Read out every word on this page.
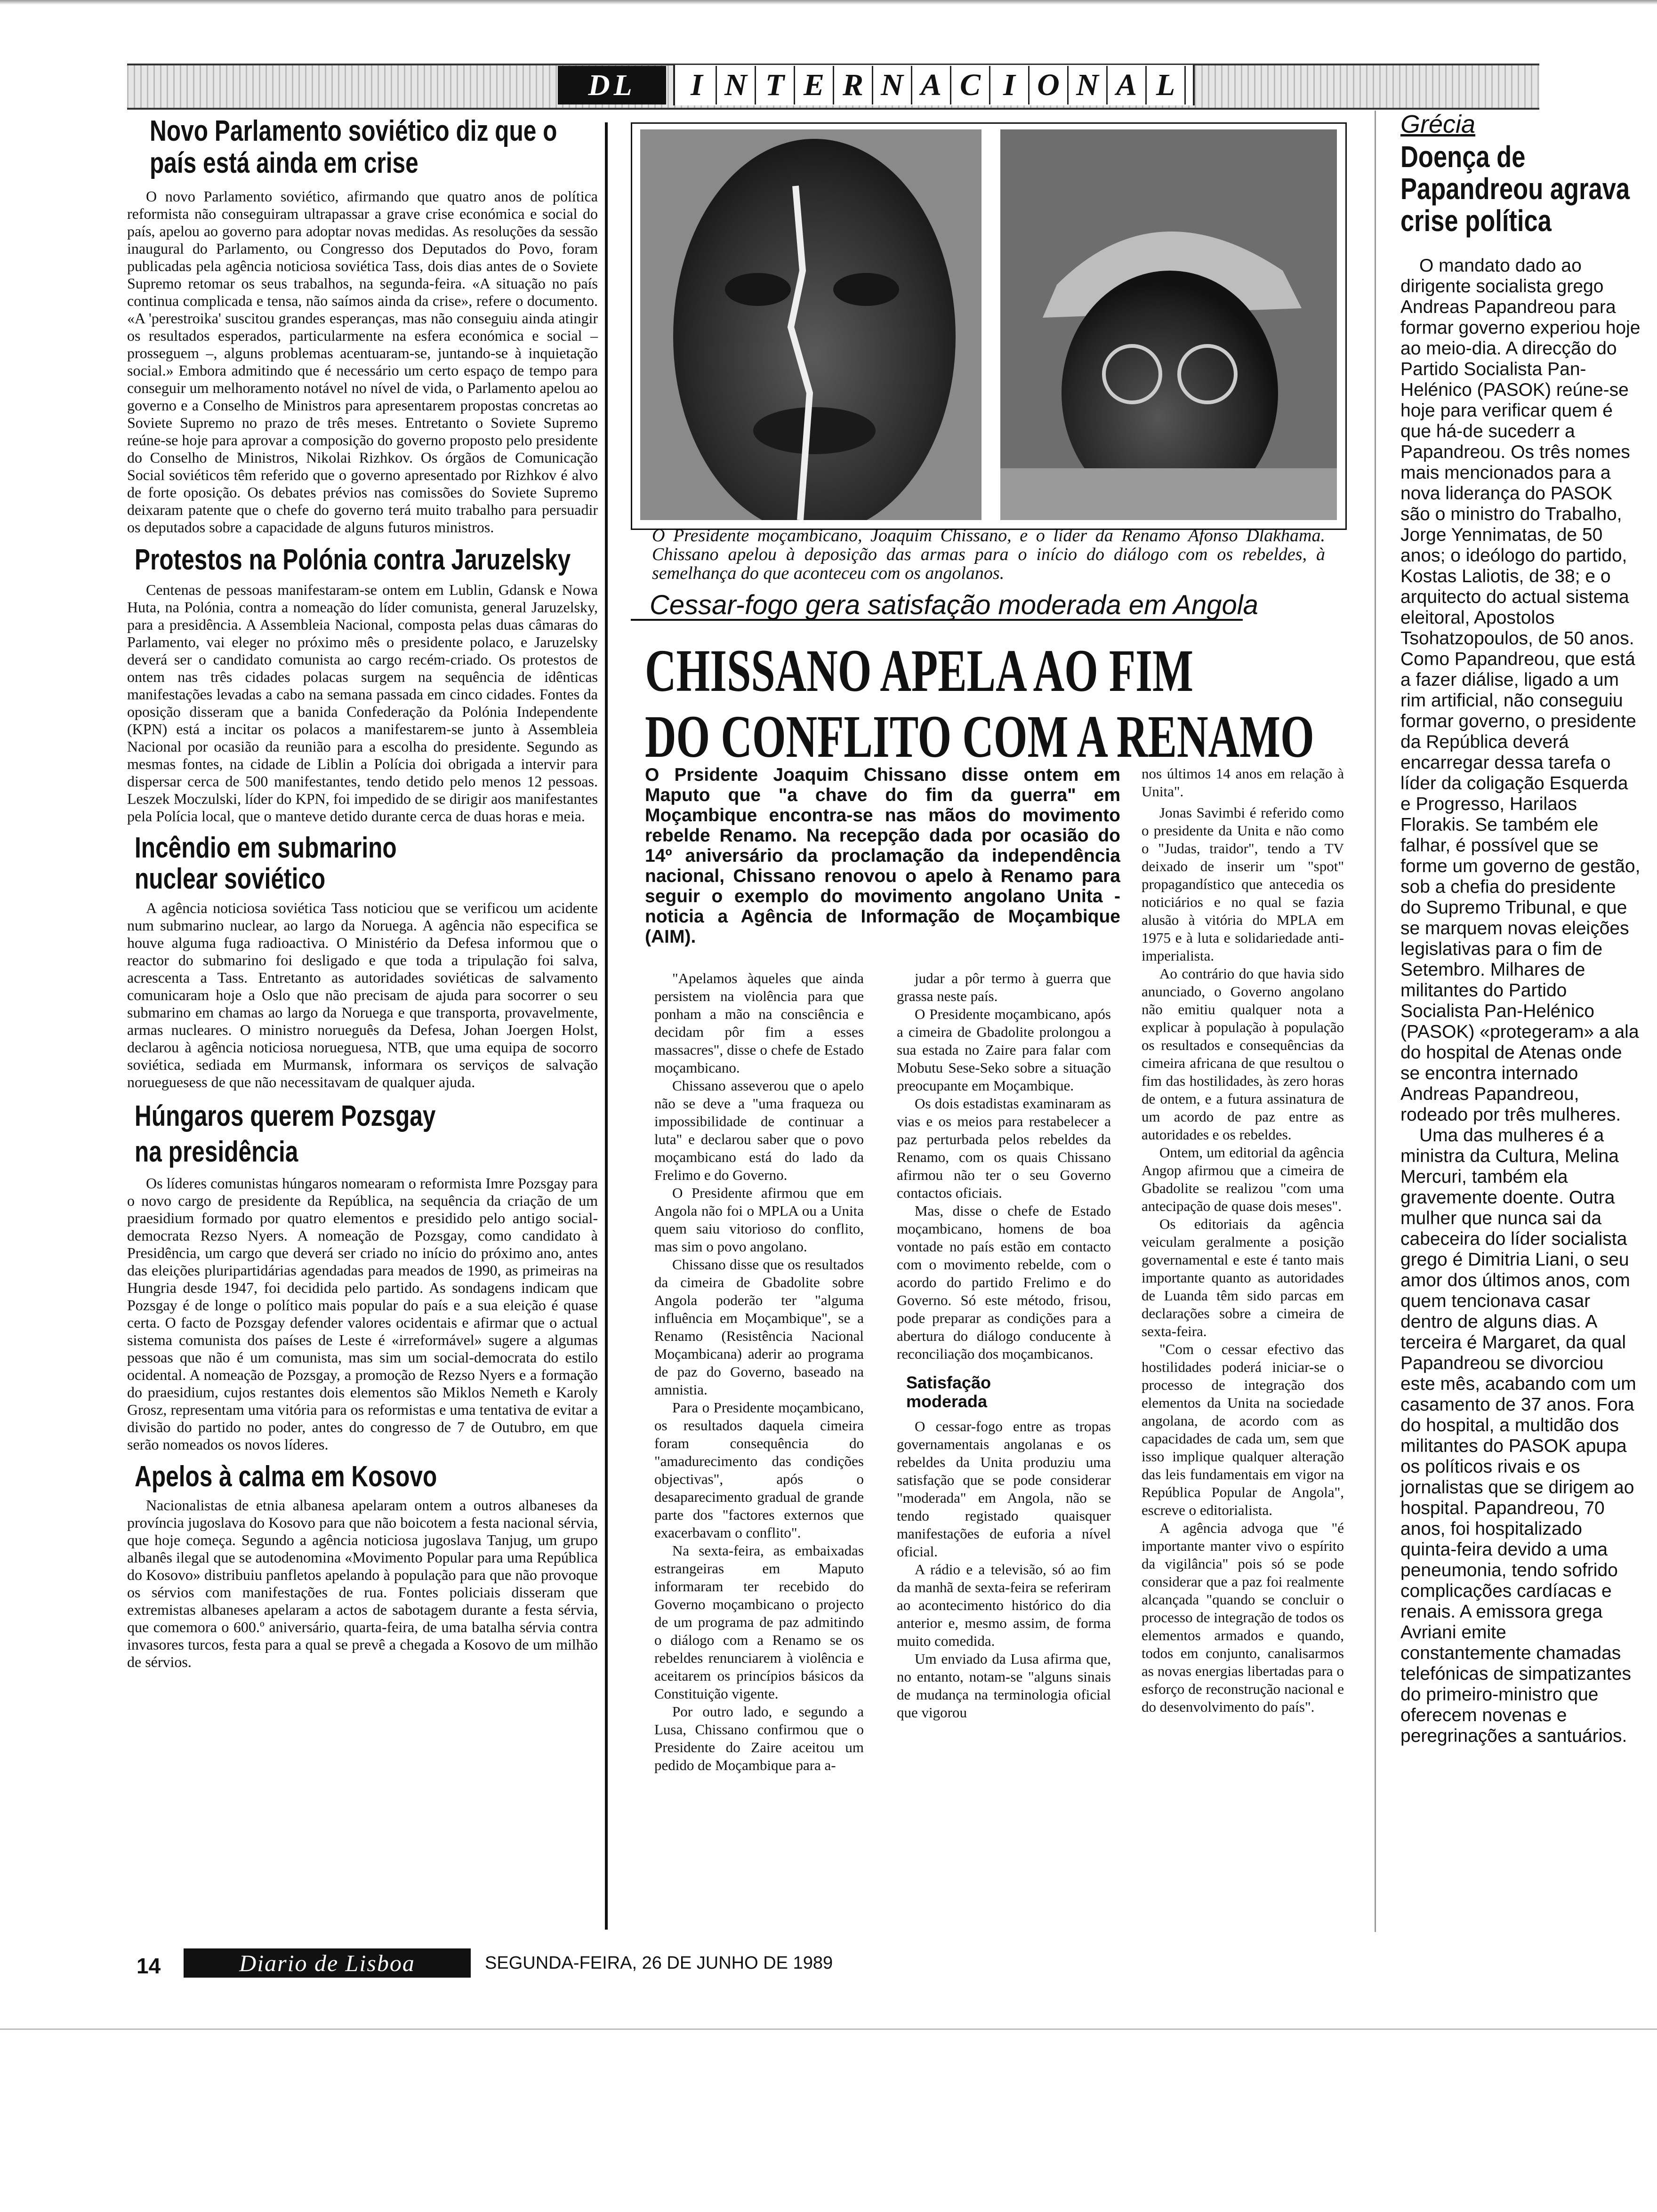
DL	I N T E R N A C I O N A L
Novo Parlamento soviético diz que o país está ainda em crise

O novo Parlamento soviético, afirmando que quatro anos de política reformista não conseguiram ultrapassar a grave crise económica e social do país, apelou ao governo para adoptar novas medidas. As resoluções da sessão inaugural do Parlamento, ou Congresso dos Deputados do Povo, foram publicadas pela agência noticiosa soviética Tass, dois dias antes de o Soviete Supremo retomar os seus trabalhos, na segunda-feira. «A situação no país continua complicada e tensa, não saímos ainda da crise», refere o documento. «A 'perestroika' suscitou grandes esperanças, mas não conseguiu ainda atingir os resultados esperados, particularmente na esfera económica e social – prosseguem –, alguns problemas acentuaram-se, juntando-se à inquietação social.» Embora admitindo que é necessário um certo espaço de tempo para conseguir um melhoramento notável no nível de vida, o Parlamento apelou ao governo e a Conselho de Ministros para apresentarem propostas concretas ao Soviete Supremo no prazo de três meses. Entretanto o Soviete Supremo reúne-se hoje para aprovar a composição do governo proposto pelo presidente do Conselho de Ministros, Nikolai Rizhkov. Os órgãos de Comunicação Social soviéticos têm referido que o governo apresentado por Rizhkov é alvo de forte oposição. Os debates prévios nas comissões do Soviete Supremo deixaram patente que o chefe do governo terá muito trabalho para persuadir os deputados sobre a capacidade de alguns futuros ministros.

Protestos na Polónia contra Jaruzelsky

Centenas de pessoas manifestaram-se ontem em Lublin, Gdansk e Nowa Huta, na Polónia, contra a nomeação do líder comunista, general Jaruzelsky, para a presidência. A Assembleia Nacional, composta pelas duas câmaras do Parlamento, vai eleger no próximo mês o presidente polaco, e Jaruzelsky deverá ser o candidato comunista ao cargo recém-criado. Os protestos de ontem nas três cidades polacas surgem na sequência de idênticas manifestações levadas a cabo na semana passada em cinco cidades. Fontes da oposição disseram que a banida Confederação da Polónia Independente (KPN) está a incitar os polacos a manifestarem-se junto à Assembleia Nacional por ocasião da reunião para a escolha do presidente. Segundo as mesmas fontes, na cidade de Liblin a Polícia doi obrigada a intervir para dispersar cerca de 500 manifestantes, tendo detido pelo menos 12 pessoas. Leszek Moczulski, líder do KPN, foi impedido de se dirigir aos manifestantes pela Polícia local, que o manteve detido durante cerca de duas horas e meia.

Incêndio em submarino nuclear soviético

A agência noticiosa soviética Tass noticiou que se verificou um acidente num submarino nuclear, ao largo da Noruega. A agência não especifica se houve alguma fuga radioactiva. O Ministério da Defesa informou que o reactor do submarino foi desligado e que toda a tripulação foi salva, acrescenta a Tass. Entretanto as autoridades soviéticas de salvamento comunicaram hoje a Oslo que não precisam de ajuda para socorrer o seu submarino em chamas ao largo da Noruega e que transporta, provavelmente, armas nucleares. O ministro norueguês da Defesa, Johan Joergen Holst, declarou à agência noticiosa norueguesa, NTB, que uma equipa de socorro soviética, sediada em Murmansk, informara os serviços de salvação norueguesess de que não necessitavam de qualquer ajuda.

Húngaros querem Pozsgay na presidência

Os líderes comunistas húngaros nomearam o reformista Imre Pozsgay para o novo cargo de presidente da República, na sequência da criação de um praesidium formado por quatro elementos e presidido pelo antigo social-democrata Rezso Nyers. A nomeação de Pozsgay, como candidato à Presidência, um cargo que deverá ser criado no início do próximo ano, antes das eleições pluripartidárias agendadas para meados de 1990, as primeiras na Hungria desde 1947, foi decidida pelo partido. As sondagens indicam que Pozsgay é de longe o político mais popular do país e a sua eleição é quase certa. O facto de Pozsgay defender valores ocidentais e afirmar que o actual sistema comunista dos países de Leste é «irreformável» sugere a algumas pessoas que não é um comunista, mas sim um social-democrata do estilo ocidental. A nomeação de Pozsgay, a promoção de Rezso Nyers e a formação do praesidium, cujos restantes dois elementos são Miklos Nemeth e Karoly Grosz, representam uma vitória para os reformistas e uma tentativa de evitar a divisão do partido no poder, antes do congresso de 7 de Outubro, em que serão nomeados os novos líderes.

Apelos à calma em Kosovo

Nacionalistas de etnia albanesa apelaram ontem a outros albaneses da província jugoslava do Kosovo para que não boicotem a festa nacional sérvia, que hoje começa. Segundo a agência noticiosa jugoslava Tanjug, um grupo albanês ilegal que se autodenomina «Movimento Popular para uma República do Kosovo» distribuiu panfletos apelando à população para que não provoque os sérvios com manifestações de rua. Fontes policiais disseram que extremistas albaneses apelaram a actos de sabotagem durante a festa sérvia, que comemora o 600.º aniversário, quarta-feira, de uma batalha sérvia contra invasores turcos, festa para a qual se prevê a chegada a Kosovo de um milhão de sérvios.

O Presidente moçambicano, Joaquim Chissano, e o líder da Renamo Afonso Dlakhama. Chissano apelou à deposição das armas para o início do diálogo com os rebeldes, à semelhança do que aconteceu com os angolanos.
Cessar-fogo gera satisfação moderada em Angola
CHISSANO APELA AO FIM
DO CONFLITO COM A RENAMO

O Prsidente Joaquim Chissano disse ontem em Maputo que "a chave do fim da guerra" em Moçambique encontra-se nas mãos do movimento rebelde Renamo. Na recepção dada por ocasião do 14º aniversário da proclamação da independência nacional, Chissano renovou o apelo à Renamo para seguir o exemplo do movimento angolano Unita - noticia a Agência de Informação de Moçambique (AIM).

nos últimos 14 anos em relação à Unita".

"Apelamos àqueles que ainda persistem na violência para que ponham a mão na consciência e decidam pôr fim a esses massacres", disse o chefe de Estado moçambicano.

Chissano asseverou que o apelo não se deve a "uma fraqueza ou impossibilidade de continuar a luta" e declarou saber que o povo moçambicano está do lado da Frelimo e do Governo.

O Presidente afirmou que em Angola não foi o MPLA ou a Unita quem saiu vitorioso do conflito, mas sim o povo angolano.

Chissano disse que os resultados da cimeira de Gbadolite sobre Angola poderão ter "alguma influência em Moçambique", se a Renamo (Resistência Nacional Moçambicana) aderir ao programa de paz do Governo, baseado na amnistia.

Para o Presidente moçambicano, os resultados daquela cimeira foram consequência do "amadurecimento das condições objectivas", após o desaparecimento gradual de grande parte dos "factores externos que exacerbavam o conflito".

Na sexta-feira, as embaixadas estrangeiras em Maputo informaram ter recebido do Governo moçambicano o projecto de um programa de paz admitindo o diálogo com a Renamo se os rebeldes renunciarem à violência e aceitarem os princípios básicos da Constituição vigente.

Por outro lado, e segundo a Lusa, Chissano confirmou que o Presidente do Zaire aceitou um pedido de Moçambique para a-

judar a pôr termo à guerra que grassa neste país.

O Presidente moçambicano, após a cimeira de Gbadolite prolongou a sua estada no Zaire para falar com Mobutu Sese-Seko sobre a situação preocupante em Moçambique.

Os dois estadistas examinaram as vias e os meios para restabelecer a paz perturbada pelos rebeldes da Renamo, com os quais Chissano afirmou não ter o seu Governo contactos oficiais.

Mas, disse o chefe de Estado moçambicano, homens de boa vontade no país estão em contacto com o movimento rebelde, com o acordo do partido Frelimo e do Governo. Só este método, frisou, pode preparar as condições para a abertura do diálogo conducente à reconciliação dos moçambicanos.

Satisfação moderada

O cessar-fogo entre as tropas governamentais angolanas e os rebeldes da Unita produziu uma satisfação que se pode considerar "moderada" em Angola, não se tendo registado quaisquer manifestações de euforia a nível oficial.

A rádio e a televisão, só ao fim da manhã de sexta-feira se referiram ao acontecimento histórico do dia anterior e, mesmo assim, de forma muito comedida.

Um enviado da Lusa afirma que, no entanto, notam-se "alguns sinais de mudança na terminologia oficial que vigorou

Jonas Savimbi é referido como o presidente da Unita e não como o "Judas, traidor", tendo a TV deixado de inserir um "spot" propagandístico que antecedia os noticiários e no qual se fazia alusão à vitória do MPLA em 1975 e à luta e solidariedade anti-imperialista.

Ao contrário do que havia sido anunciado, o Governo angolano não emitiu qualquer nota a explicar à população à população os resultados e consequências da cimeira africana de que resultou o fim das hostilidades, às zero horas de ontem, e a futura assinatura de um acordo de paz entre as autoridades e os rebeldes.

Ontem, um editorial da agência Angop afirmou que a cimeira de Gbadolite se realizou "com uma antecipação de quase dois meses".

Os editoriais da agência veiculam geralmente a posição governamental e este é tanto mais importante quanto as autoridades de Luanda têm sido parcas em declarações sobre a cimeira de sexta-feira.

"Com o cessar efectivo das hostilidades poderá iniciar-se o processo de integração dos elementos da Unita na sociedade angolana, de acordo com as capacidades de cada um, sem que isso implique qualquer alteração das leis fundamentais em vigor na República Popular de Angola", escreve o editorialista.

A agência advoga que "é importante manter vivo o espírito da vigilância" pois só se pode considerar que a paz foi realmente alcançada "quando se concluir o processo de integração de todos os elementos armados e quando, todos em conjunto, canalisarmos as novas energias libertadas para o esforço de reconstrução nacional e do desenvolvimento do país".

Grécia
Doença de Papandreou agrava crise política

O mandato dado ao dirigente socialista grego Andreas Papandreou para formar governo experiou hoje ao meio-dia. A direcção do Partido Socialista Pan-Helénico (PASOK) reúne-se hoje para verificar quem é que há-de sucederr a Papandreou. Os três nomes mais mencionados para a nova liderança do PASOK são o ministro do Trabalho, Jorge Yennimatas, de 50 anos; o ideólogo do partido, Kostas Laliotis, de 38; e o arquitecto do actual sistema eleitoral, Apostolos Tsohatzopoulos, de 50 anos. Como Papandreou, que está a fazer diálise, ligado a um rim artificial, não conseguiu formar governo, o presidente da República deverá encarregar dessa tarefa o líder da coligação Esquerda e Progresso, Harilaos Florakis. Se também ele falhar, é possível que se forme um governo de gestão, sob a chefia do presidente do Supremo Tribunal, e que se marquem novas eleições legislativas para o fim de Setembro. Milhares de militantes do Partido Socialista Pan-Helénico (PASOK) «protegeram» a ala do hospital de Atenas onde se encontra internado Andreas Papandreou, rodeado por três mulheres.

Uma das mulheres é a ministra da Cultura, Melina Mercuri, também ela gravemente doente. Outra mulher que nunca sai da cabeceira do líder socialista grego é Dimitria Liani, o seu amor dos últimos anos, com quem tencionava casar dentro de alguns dias. A terceira é Margaret, da qual Papandreou se divorciou este mês, acabando com um casamento de 37 anos. Fora do hospital, a multidão dos militantes do PASOK apupa os políticos rivais e os jornalistas que se dirigem ao hospital. Papandreou, 70 anos, foi hospitalizado quinta-feira devido a uma peneumonia, tendo sofrido complicações cardíacas e renais. A emissora grega Avriani emite constantemente chamadas telefónicas de simpatizantes do primeiro-ministro que oferecem novenas e peregrinações a santuários.

14	Diario de Lisboa	SEGUNDA-FEIRA, 26 DE JUNHO DE 1989
